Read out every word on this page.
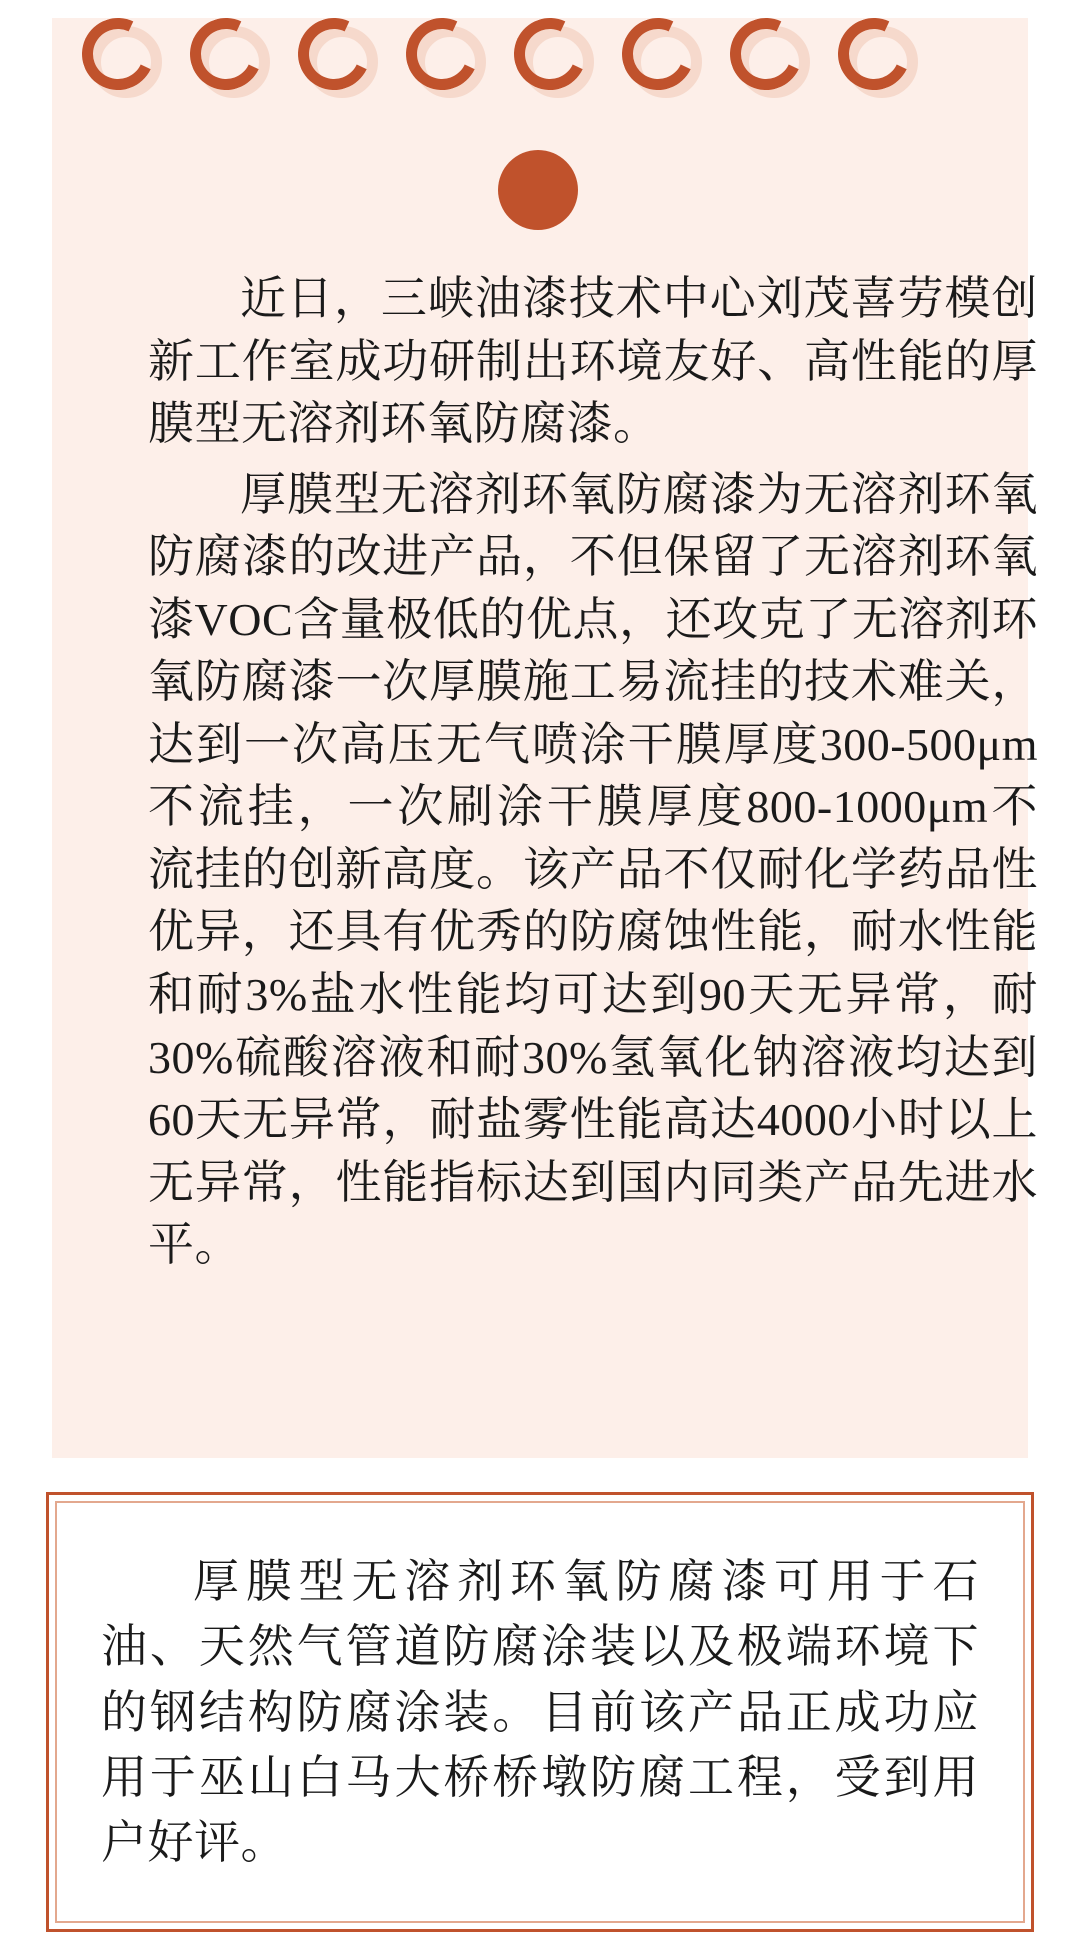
近日，三峡油漆技术中心刘茂喜劳模创新工作室成功研制出环境友好、高性能的厚膜型无溶剂环氧防腐漆。

厚膜型无溶剂环氧防腐漆为无溶剂环氧防腐漆的改进产品，不但保留了无溶剂环氧漆VOC含量极低的优点，还攻克了无溶剂环氧防腐漆一次厚膜施工易流挂的技术难关，达到一次高压无气喷涂干膜厚度300-500μm不流挂，一次刷涂干膜厚度800-1000μm不流挂的创新高度。该产品不仅耐化学药品性优异，还具有优秀的防腐蚀性能，耐水性能和耐3%盐水性能均可达到90天无异常，耐30%硫酸溶液和耐30%氢氧化钠溶液均达到60天无异常，耐盐雾性能高达4000小时以上无异常，性能指标达到国内同类产品先进水平。

厚膜型无溶剂环氧防腐漆可用于石油、天然气管道防腐涂装以及极端环境下的钢结构防腐涂装。目前该产品正成功应用于巫山白马大桥桥墩防腐工程，受到用户好评。
